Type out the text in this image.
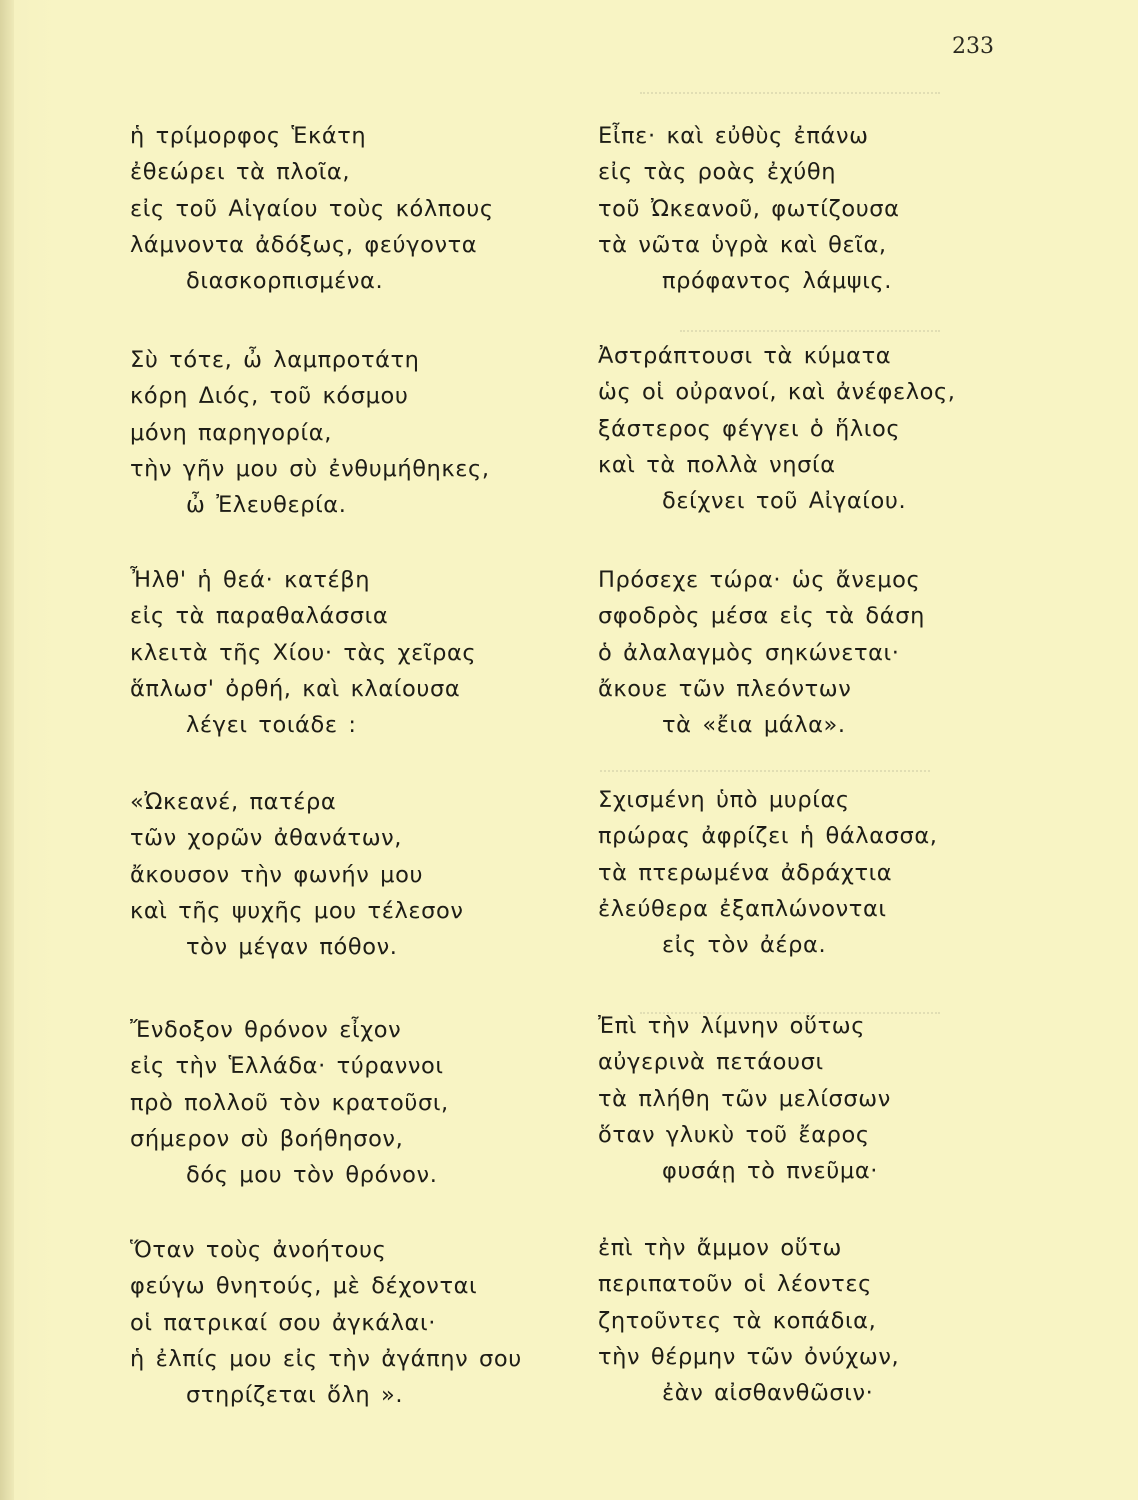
233
ἡ τρίμορφος Ἑκάτη
ἐθεώρει τὰ πλοῖα,
εἰς τοῦ Αἰγαίου τοὺς κόλπους
λάμνοντα ἀδόξως, φεύγοντα
διασκορπισμένα.
Σὺ τότε, ὦ λαμπροτάτη
κόρη Διός, τοῦ κόσμου
μόνη παρηγορία,
τὴν γῆν μου σὺ ἐνθυμήθηκες,
ὦ Ἐλευθερία.
Ἦλθ' ἡ θεά· κατέβη
εἰς τὰ παραθαλάσσια
κλειτὰ τῆς Χίου· τὰς χεῖρας
ἅπλωσ' ὀρθή, καὶ κλαίουσα
λέγει τοιάδε :
«Ὠκεανέ, πατέρα
τῶν χορῶν ἀθανάτων,
ἄκουσον τὴν φωνήν μου
καὶ τῆς ψυχῆς μου τέλεσον
τὸν μέγαν πόθον.
Ἔνδοξον θρόνον εἶχον
εἰς τὴν Ἑλλάδα· τύραννοι
πρὸ πολλοῦ τὸν κρατοῦσι,
σήμερον σὺ βοήθησον,
δός μου τὸν θρόνον.
Ὅταν τοὺς ἀνοήτους
φεύγω θνητούς, μὲ δέχονται
οἱ πατρικαί σου ἀγκάλαι·
ἡ ἐλπίς μου εἰς τὴν ἀγάπην σου
στηρίζεται ὅλη ».
Εἶπε· καὶ εὐθὺς ἐπάνω
εἰς τὰς ροὰς ἐχύθη
τοῦ Ὠκεανοῦ, φωτίζουσα
τὰ νῶτα ὑγρὰ καὶ θεῖα,
πρόφαντος λάμψις.
Ἀστράπτουσι τὰ κύματα
ὡς οἱ οὐρανοί, καὶ ἀνέφελος,
ξάστερος φέγγει ὁ ἥλιος
καὶ τὰ πολλὰ νησία
δείχνει τοῦ Αἰγαίου.
Πρόσεχε τώρα· ὡς ἄνεμος
σφοδρὸς μέσα εἰς τὰ δάση
ὁ ἀλαλαγμὸς σηκώνεται·
ἄκουε τῶν πλεόντων
τὰ «ἔια μάλα».
Σχισμένη ὑπὸ μυρίας
πρώρας ἀφρίζει ἡ θάλασσα,
τὰ πτερωμένα ἀδράχτια
ἐλεύθερα ἐξαπλώνονται
εἰς τὸν ἀέρα.
Ἐπὶ τὴν λίμνην οὕτως
αὐγερινὰ πετάουσι
τὰ πλήθη τῶν μελίσσων
ὅταν γλυκὺ τοῦ ἔαρος
φυσάῃ τὸ πνεῦμα·
ἐπὶ τὴν ἄμμον οὕτω
περιπατοῦν οἱ λέοντες
ζητοῦντες τὰ κοπάδια,
τὴν θέρμην τῶν ὀνύχων,
ἐὰν αἰσθανθῶσιν·
